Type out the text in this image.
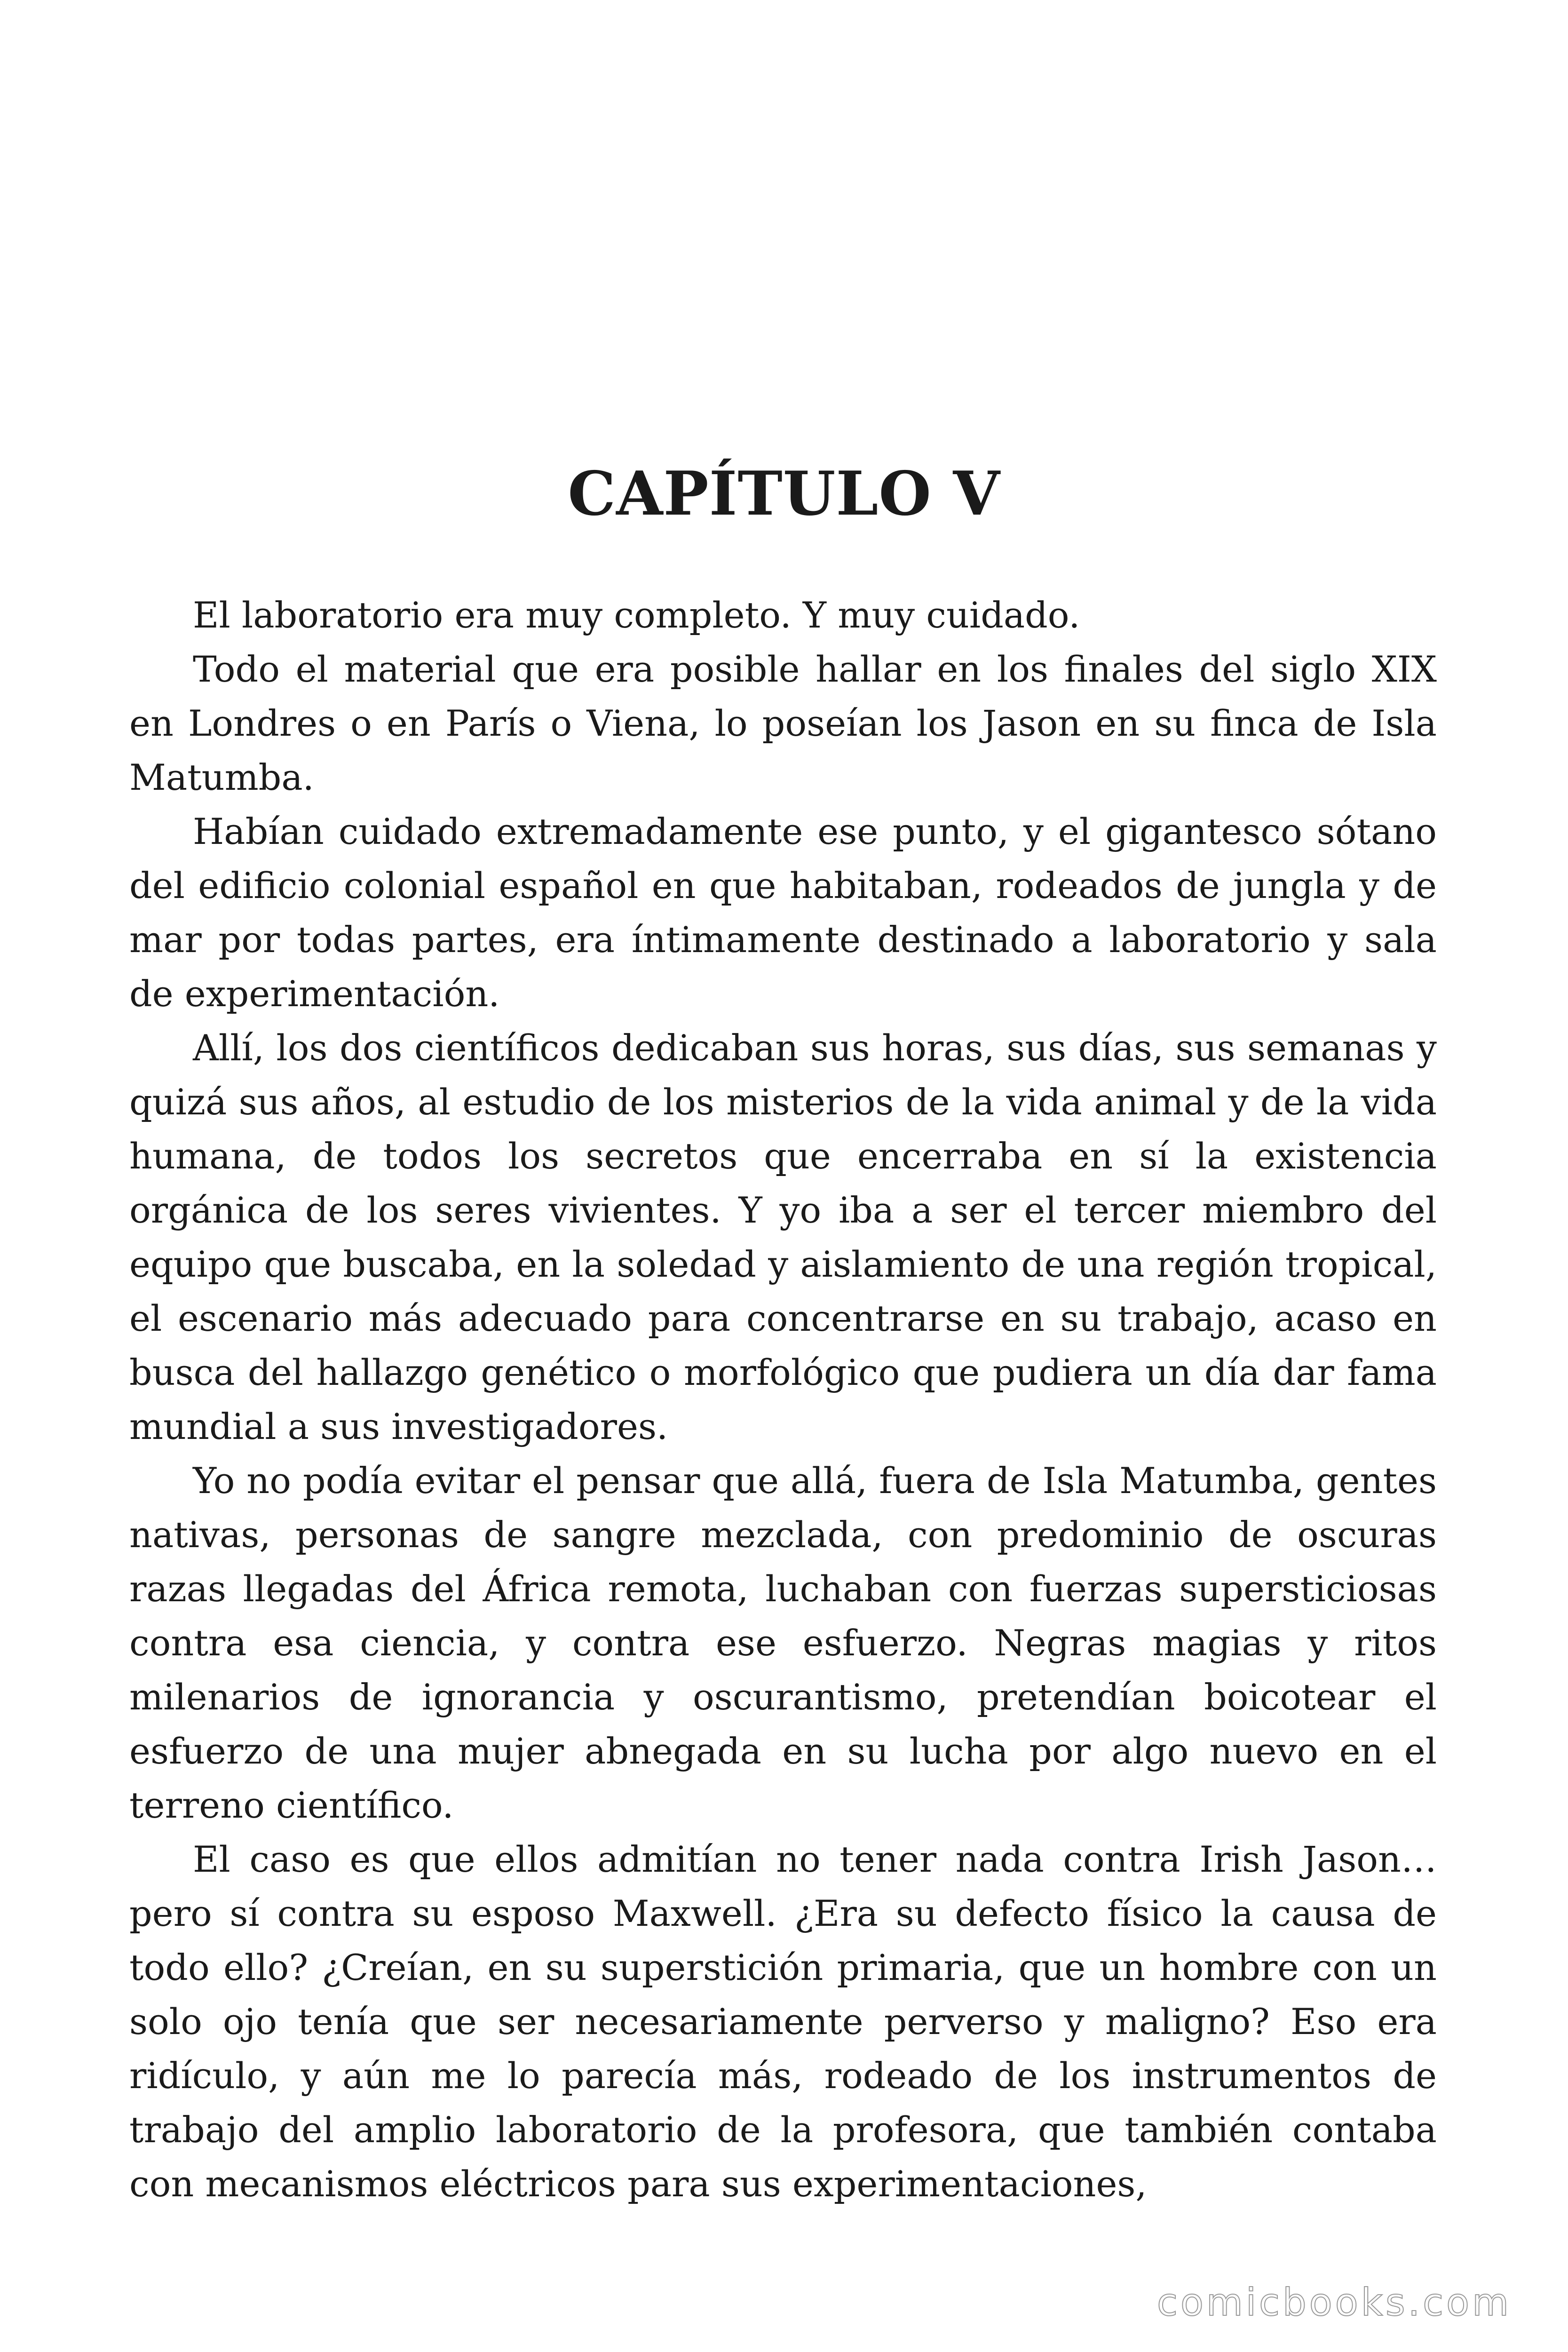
CAPÍTULO V

El laboratorio era muy completo. Y muy cuidado.

Todo el material que era posible hallar en los finales del siglo XIX en Londres o en París o Viena, lo poseían los Jason en su finca de Isla Matumba.

Habían cuidado extremadamente ese punto, y el gigantesco sótano del edificio colonial español en que habitaban, rodeados de jungla y de mar por todas partes, era íntimamente destinado a laboratorio y sala de experimentación.

Allí, los dos científicos dedicaban sus horas, sus días, sus semanas y quizá sus años, al estudio de los misterios de la vida animal y de la vida humana, de todos los secretos que encerraba en sí la existencia orgánica de los seres vivientes. Y yo iba a ser el tercer miembro del equipo que buscaba, en la soledad y aislamiento de una región tropical, el escenario más adecuado para concentrarse en su trabajo, acaso en busca del hallazgo genético o morfológico que pudiera un día dar fama mundial a sus investigadores.

Yo no podía evitar el pensar que allá, fuera de Isla Matumba, gentes nativas, personas de sangre mezclada, con predominio de oscuras razas llegadas del África remota, luchaban con fuerzas supersticiosas contra esa ciencia, y contra ese esfuerzo. Negras magias y ritos milenarios de ignorancia y oscurantismo, pretendían boicotear el esfuerzo de una mujer abnegada en su lucha por algo nuevo en el terreno científico.

El caso es que ellos admitían no tener nada contra Irish Jason… pero sí contra su esposo Maxwell. ¿Era su defecto físico la causa de todo ello? ¿Creían, en su superstición primaria, que un hombre con un solo ojo tenía que ser necesariamente perverso y maligno? Eso era ridículo, y aún me lo parecía más, rodeado de los instrumentos de trabajo del amplio laboratorio de la profesora, que también contaba con mecanismos eléctricos para sus experimentaciones,

comicbooks.com
